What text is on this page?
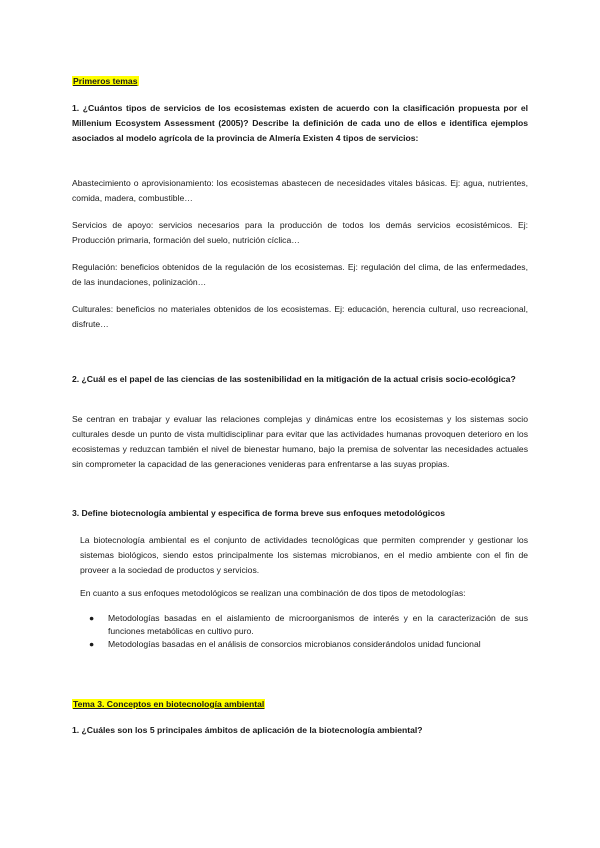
Primeros temas

1. ¿Cuántos tipos de servicios de los ecosistemas existen de acuerdo con la clasificación propuesta por el Millenium Ecosystem Assessment (2005)? Describe la definición de cada uno de ellos e identifica ejemplos asociados al modelo agrícola de la provincia de Almería Existen 4 tipos de servicios:

Abastecimiento o aprovisionamiento: los ecosistemas abastecen de necesidades vitales básicas. Ej: agua, nutrientes, comida, madera, combustible…

Servicios de apoyo: servicios necesarios para la producción de todos los demás servicios ecosistémicos. Ej: Producción primaria, formación del suelo, nutrición cíclica…

Regulación: beneficios obtenidos de la regulación de los ecosistemas. Ej: regulación del clima, de las enfermedades, de las inundaciones, polinización…

Culturales: beneficios no materiales obtenidos de los ecosistemas. Ej: educación, herencia cultural, uso recreacional, disfrute…

2. ¿Cuál es el papel de las ciencias de las sostenibilidad en la mitigación de la actual crisis socio-ecológica?

Se centran en trabajar y evaluar las relaciones complejas y dinámicas entre los ecosistemas y los sistemas socio culturales desde un punto de vista multidisciplinar para evitar que las actividades humanas provoquen deterioro en los ecosistemas y reduzcan también el nivel de bienestar humano, bajo la premisa de solventar las necesidades actuales sin comprometer la capacidad de las generaciones venideras para enfrentarse a las suyas propias.

3. Define biotecnología ambiental y especifica de forma breve sus enfoques metodológicos

La biotecnología ambiental es el conjunto de actividades tecnológicas que permiten comprender y gestionar los sistemas biológicos, siendo estos principalmente los sistemas microbianos, en el medio ambiente con el fin de proveer a la sociedad de productos y servicios.

En cuanto a sus enfoques metodológicos se realizan una combinación de dos tipos de metodologías:

● Metodologías basadas en el aislamiento de microorganismos de interés y en la caracterización de sus funciones metabólicas en cultivo puro.
● Metodologías basadas en el análisis de consorcios microbianos considerándolos unidad funcional

Tema 3. Conceptos en biotecnología ambiental

1. ¿Cuáles son los 5 principales ámbitos de aplicación de la biotecnología ambiental?
